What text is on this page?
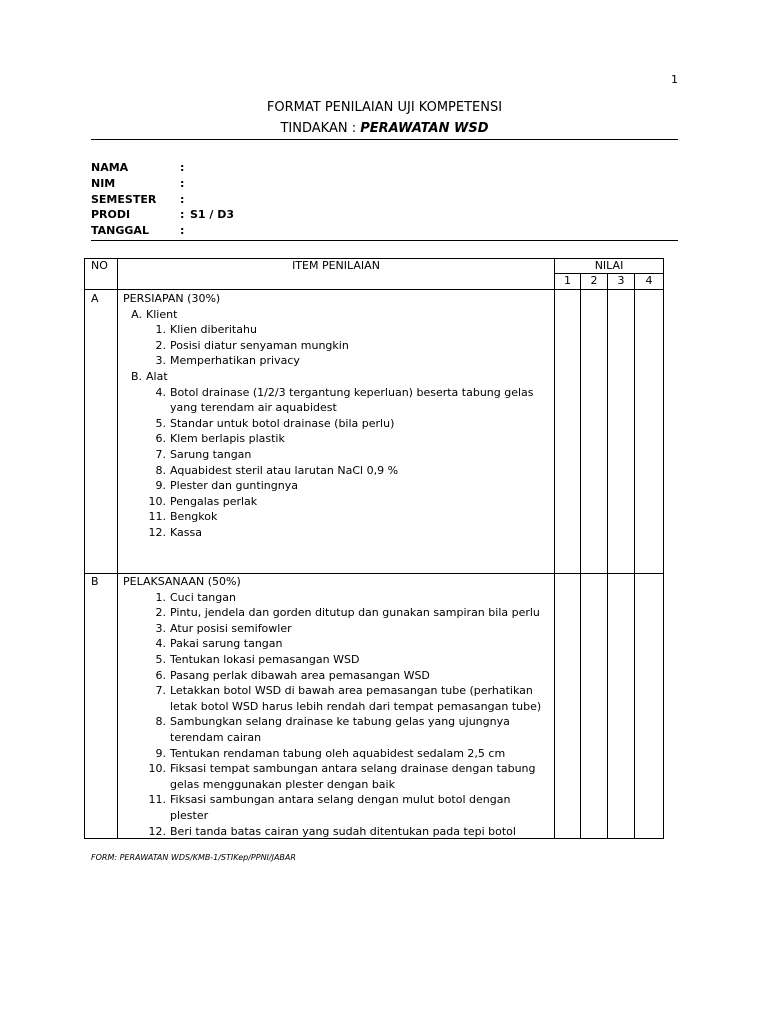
1
FORMAT PENILAIAN UJI KOMPETENSI
TINDAKAN : PERAWATAN WSD
NAMA	:
NIM	:
SEMESTER :
PRODI	: S1 / D3
TANGGAL	:
NO	ITEM PENILAIAN	NILAI
1	2	3	4
A PERSIAPAN (30%)
A. Klient
1. Klien diberitahu
2. Posisi diatur senyaman mungkin
3. Memperhatikan privacy
B. Alat
4. Botol drainase (1/2/3 tergantung keperluan) beserta tabung gelas
yang terendam air aquabidest
5. Standar untuk botol drainase (bila perlu)
6. Klem berlapis plastik
7. Sarung tangan
8. Aquabidest steril atau larutan NaCl 0,9 %
9. Plester dan guntingnya
10. Pengalas perlak
11. Bengkok
12. Kassa
B PELAKSANAAN (50%)
1. Cuci tangan
2. Pintu, jendela dan gorden ditutup dan gunakan sampiran bila perlu
3. Atur posisi semifowler
4. Pakai sarung tangan
5. Tentukan lokasi pemasangan WSD
6. Pasang perlak dibawah area pemasangan WSD
7. Letakkan botol WSD di bawah area pemasangan tube (perhatikan
letak botol WSD harus lebih rendah dari tempat pemasangan tube)
8. Sambungkan selang drainase ke tabung gelas yang ujungnya
terendam cairan
9. Tentukan rendaman tabung oleh aquabidest sedalam 2,5 cm
10. Fiksasi tempat sambungan antara selang drainase dengan tabung
gelas menggunakan plester dengan baik
11. Fiksasi sambungan antara selang dengan mulut botol dengan
plester
12. Beri tanda batas cairan yang sudah ditentukan pada tepi botol
FORM: PERAWATAN WDS/KMB-1/STIKep/PPNI/JABAR
